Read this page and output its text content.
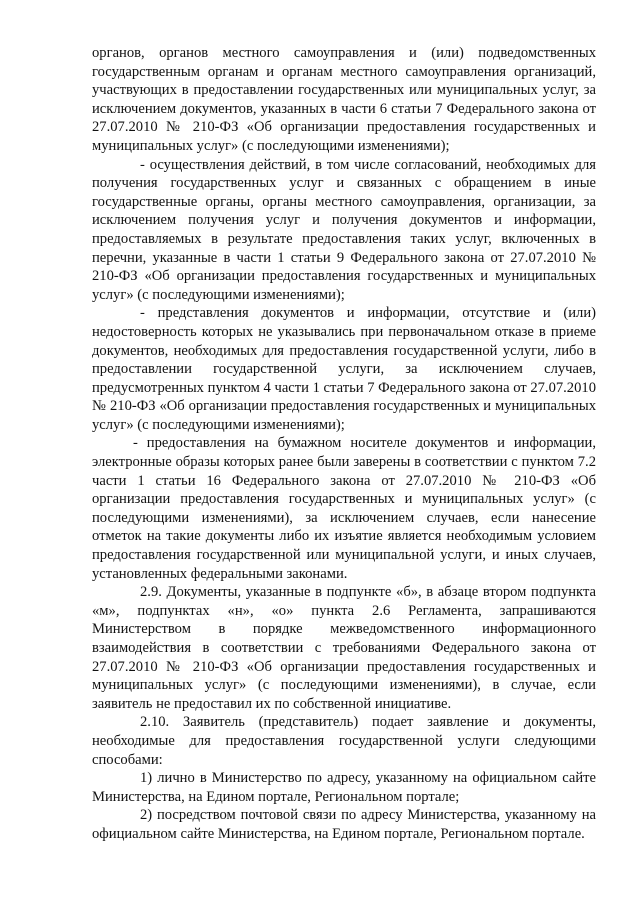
органов, органов местного самоуправления и (или) подведомственных государственным органам и органам местного самоуправления организаций, участвующих в предоставлении государственных или муниципальных услуг, за исключением документов, указанных в части 6 статьи 7 Федерального закона от 27.07.2010 № 210-ФЗ «Об организации предоставления государственных и муниципальных услуг» (с последующими изменениями);

- осуществления действий, в том числе согласований, необходимых для получения государственных услуг и связанных с обращением в иные государственные органы, органы местного самоуправления, организации, за исключением получения услуг и получения документов и информации, предоставляемых в результате предоставления таких услуг, включенных в перечни, указанные в части 1 статьи 9 Федерального закона от 27.07.2010 № 210-ФЗ «Об организации предоставления государственных и муниципальных услуг» (с последующими изменениями);

- представления документов и информации, отсутствие и (или) недостоверность которых не указывались при первоначальном отказе в приеме документов, необходимых для предоставления государственной услуги, либо в предоставлении государственной услуги, за исключением случаев, предусмотренных пунктом 4 части 1 статьи 7 Федерального закона от 27.07.2010 № 210-ФЗ «Об организации предоставления государственных и муниципальных услуг» (с последующими изменениями);

- предоставления на бумажном носителе документов и информации, электронные образы которых ранее были заверены в соответствии с пунктом 7.2 части 1 статьи 16 Федерального закона от 27.07.2010 № 210-ФЗ «Об организации предоставления государственных и муниципальных услуг» (с последующими изменениями), за исключением случаев, если нанесение отметок на такие документы либо их изъятие является необходимым условием предоставления государственной или муниципальной услуги, и иных случаев, установленных федеральными законами.

2.9. Документы, указанные в подпункте «б», в абзаце втором подпункта «м», подпунктах «н», «о» пункта 2.6 Регламента, запрашиваются Министерством в порядке межведомственного информационного взаимодействия в соответствии с требованиями Федерального закона от 27.07.2010 № 210-ФЗ «Об организации предоставления государственных и муниципальных услуг» (с последующими изменениями), в случае, если заявитель не предоставил их по собственной инициативе.

2.10. Заявитель (представитель) подает заявление и документы, необходимые для предоставления государственной услуги следующими способами:

1) лично в Министерство по адресу, указанному на официальном сайте Министерства, на Едином портале, Региональном портале;

2) посредством почтовой связи по адресу Министерства, указанному на официальном сайте Министерства, на Едином портале, Региональном портале.
